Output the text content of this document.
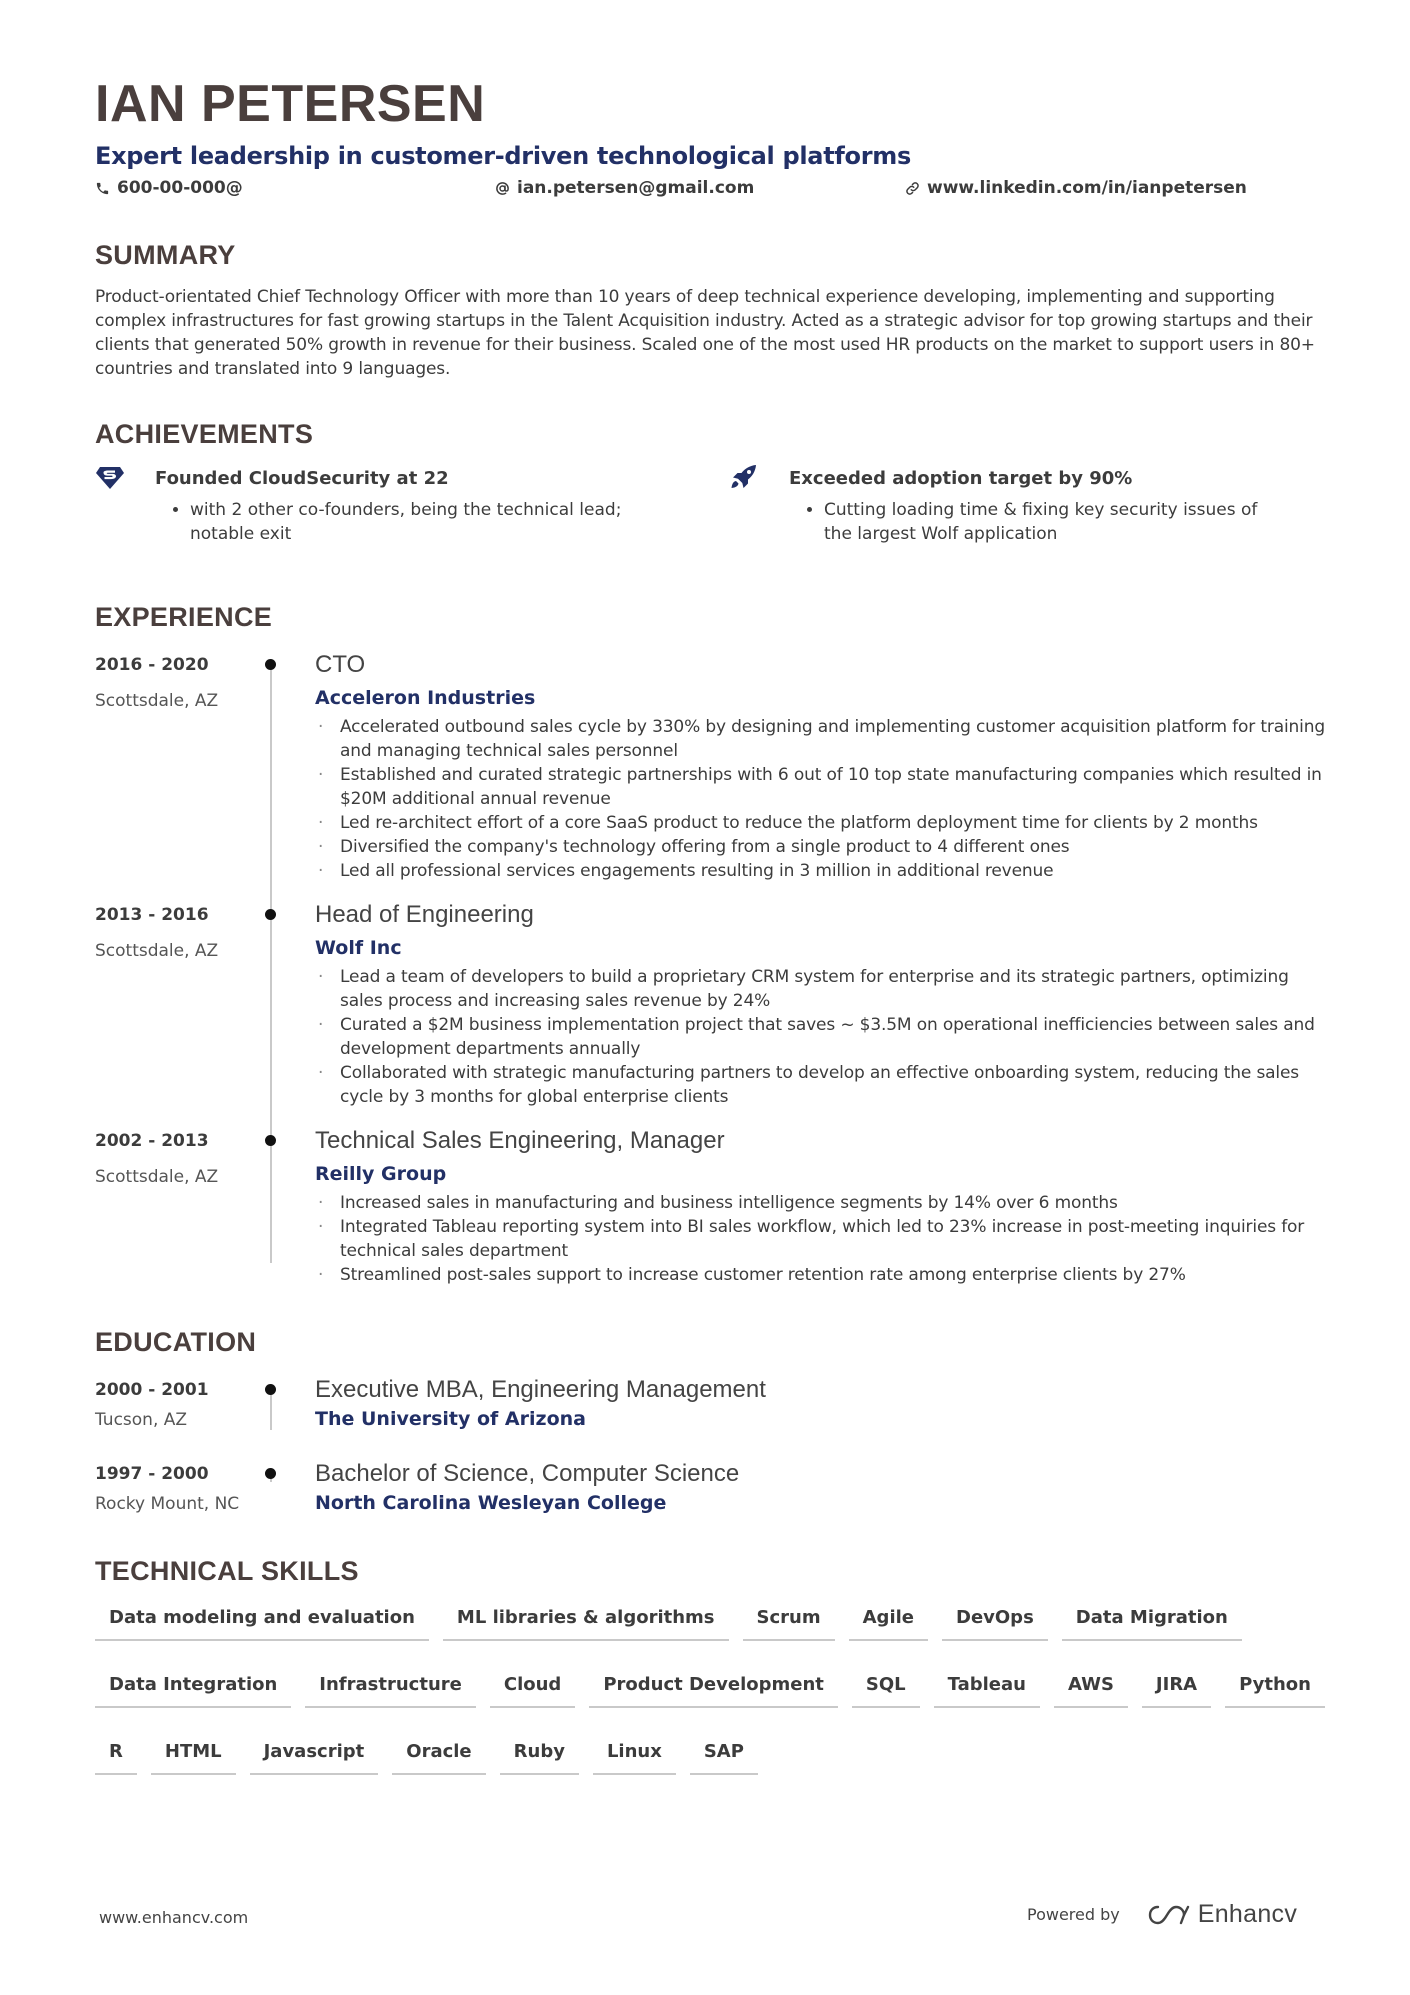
IAN PETERSEN
Expert leadership in customer-driven technological platforms
600-00-000@	ian.petersen@gmail.com	www.linkedin.com/in/ianpetersen
SUMMARY
Product-orientated Chief Technology Officer with more than 10 years of deep technical experience developing, implementing and supporting complex infrastructures for fast growing startups in the Talent Acquisition industry. Acted as a strategic advisor for top growing startups and their clients that generated 50% growth in revenue for their business. Scaled one of the most used HR products on the market to support users in 80+ countries and translated into 9 languages.
ACHIEVEMENTS
Founded CloudSecurity at 22
• with 2 other co-founders, being the technical lead; notable exit
Exceeded adoption target by 90%
• Cutting loading time & fixing key security issues of the largest Wolf application
EXPERIENCE
2016 - 2020
Scottsdale, AZ
CTO
Acceleron Industries
· Accelerated outbound sales cycle by 330% by designing and implementing customer acquisition platform for training and managing technical sales personnel
· Established and curated strategic partnerships with 6 out of 10 top state manufacturing companies which resulted in $20M additional annual revenue
· Led re-architect effort of a core SaaS product to reduce the platform deployment time for clients by 2 months
· Diversified the company's technology offering from a single product to 4 different ones
· Led all professional services engagements resulting in 3 million in additional revenue
2013 - 2016
Scottsdale, AZ
Head of Engineering
Wolf Inc
· Lead a team of developers to build a proprietary CRM system for enterprise and its strategic partners, optimizing sales process and increasing sales revenue by 24%
· Curated a $2M business implementation project that saves ~ $3.5M on operational inefficiencies between sales and development departments annually
· Collaborated with strategic manufacturing partners to develop an effective onboarding system, reducing the sales cycle by 3 months for global enterprise clients
2002 - 2013
Scottsdale, AZ
Technical Sales Engineering, Manager
Reilly Group
· Increased sales in manufacturing and business intelligence segments by 14% over 6 months
· Integrated Tableau reporting system into BI sales workflow, which led to 23% increase in post-meeting inquiries for technical sales department
· Streamlined post-sales support to increase customer retention rate among enterprise clients by 27%
EDUCATION
2000 - 2001
Tucson, AZ
Executive MBA, Engineering Management
The University of Arizona
1997 - 2000
Rocky Mount, NC
Bachelor of Science, Computer Science
North Carolina Wesleyan College
TECHNICAL SKILLS
Data modeling and evaluation	ML libraries & algorithms	Scrum	Agile	DevOps	Data Migration
Data Integration	Infrastructure	Cloud	Product Development	SQL	Tableau	AWS	JIRA	Python
R	HTML	Javascript	Oracle	Ruby	Linux	SAP
www.enhancv.com	Powered by	Enhancv
